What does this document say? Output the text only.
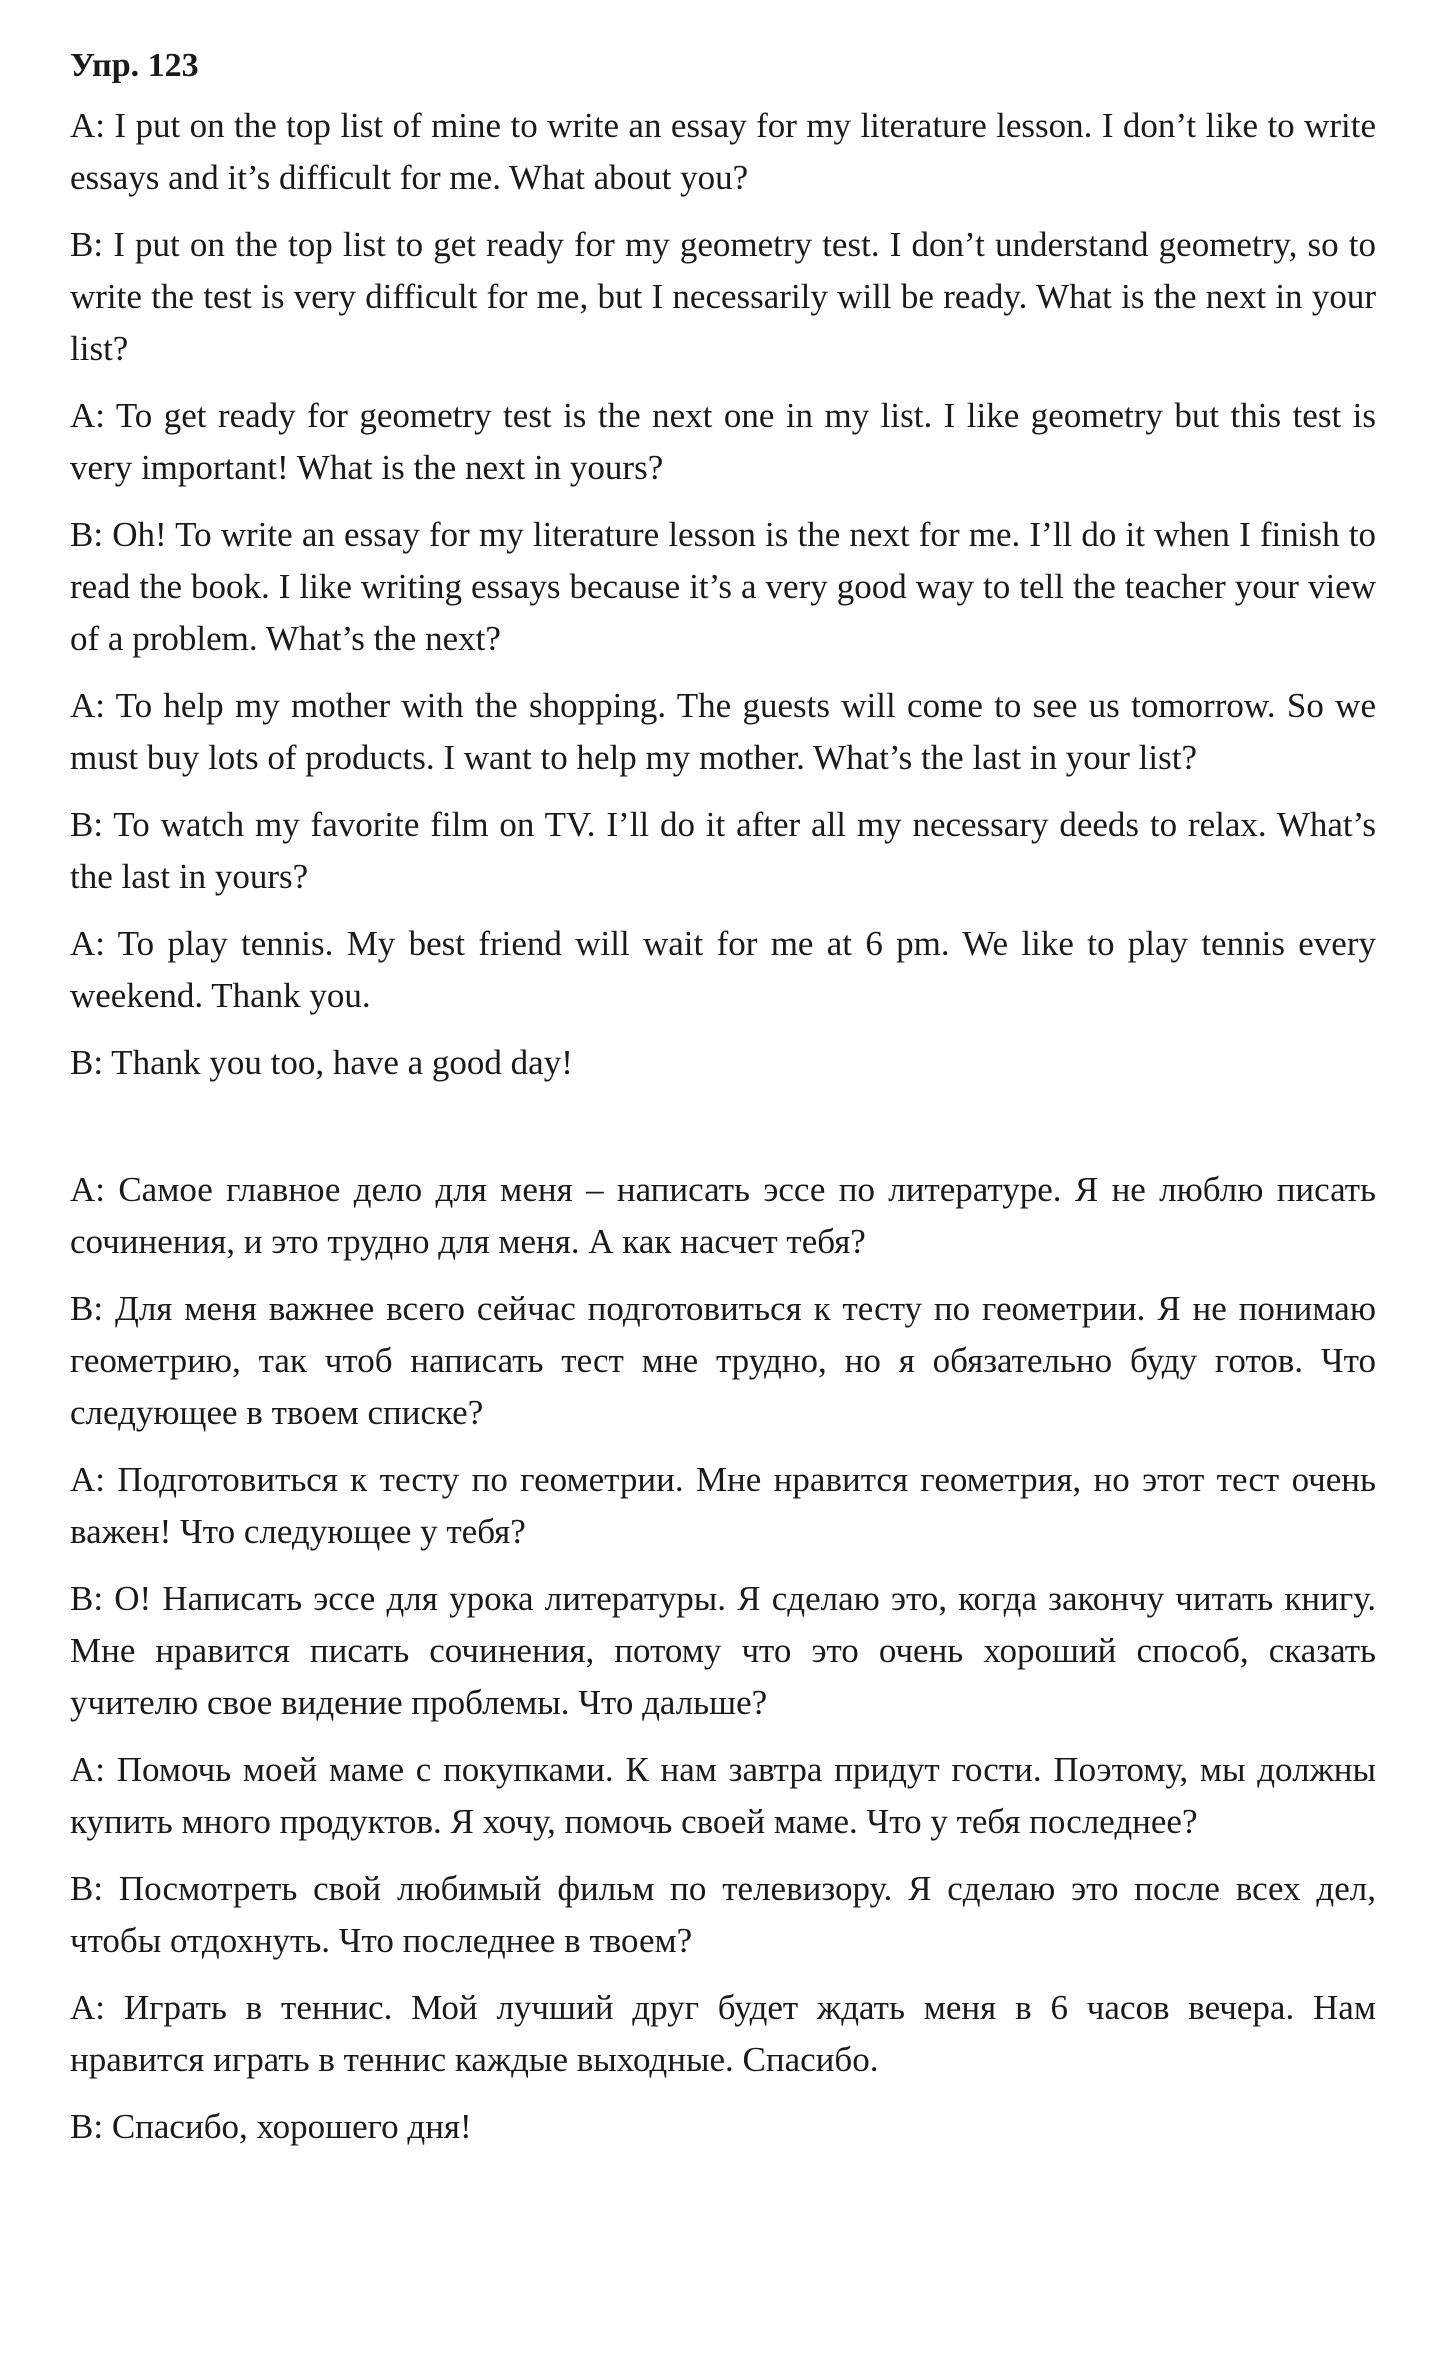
Упр. 123

A: I put on the top list of mine to write an essay for my literature lesson. I don’t like to write essays and it’s difficult for me. What about you?

B: I put on the top list to get ready for my geometry test. I don’t understand geometry, so to write the test is very difficult for me, but I necessarily will be ready. What is the next in your list?

A: To get ready for geometry test is the next one in my list. I like geometry but this test is very important! What is the next in yours?

B: Oh! To write an essay for my literature lesson is the next for me. I’ll do it when I finish to read the book. I like writing essays because it’s a very good way to tell the teacher your view of a problem. What’s the next?

A: To help my mother with the shopping. The guests will come to see us tomorrow. So we must buy lots of products. I want to help my mother. What’s the last in your list?

B: To watch my favorite film on TV. I’ll do it after all my necessary deeds to relax. What’s the last in yours?

A: To play tennis. My best friend will wait for me at 6 pm. We like to play tennis every weekend. Thank you.

B: Thank you too, have a good day!

A: Самое главное дело для меня – написать эссе по литературе. Я не люблю писать сочинения, и это трудно для меня. А как насчет тебя?

B: Для меня важнее всего сейчас подготовиться к тесту по геометрии. Я не понимаю геометрию, так чтоб написать тест мне трудно, но я обязательно буду готов. Что следующее в твоем списке?

A: Подготовиться к тесту по геометрии. Мне нравится геометрия, но этот тест очень важен! Что следующее у тебя?

B: О! Написать эссе для урока литературы. Я сделаю это, когда закончу читать книгу. Мне нравится писать сочинения, потому что это очень хороший способ, сказать учителю свое видение проблемы. Что дальше?

A: Помочь моей маме с покупками. К нам завтра придут гости. Поэтому, мы должны купить много продуктов. Я хочу, помочь своей маме. Что у тебя последнее?

B: Посмотреть свой любимый фильм по телевизору. Я сделаю это после всех дел, чтобы отдохнуть. Что последнее в твоем?

A: Играть в теннис. Мой лучший друг будет ждать меня в 6 часов вечера. Нам нравится играть в теннис каждые выходные. Спасибо.

B: Спасибо, хорошего дня!
